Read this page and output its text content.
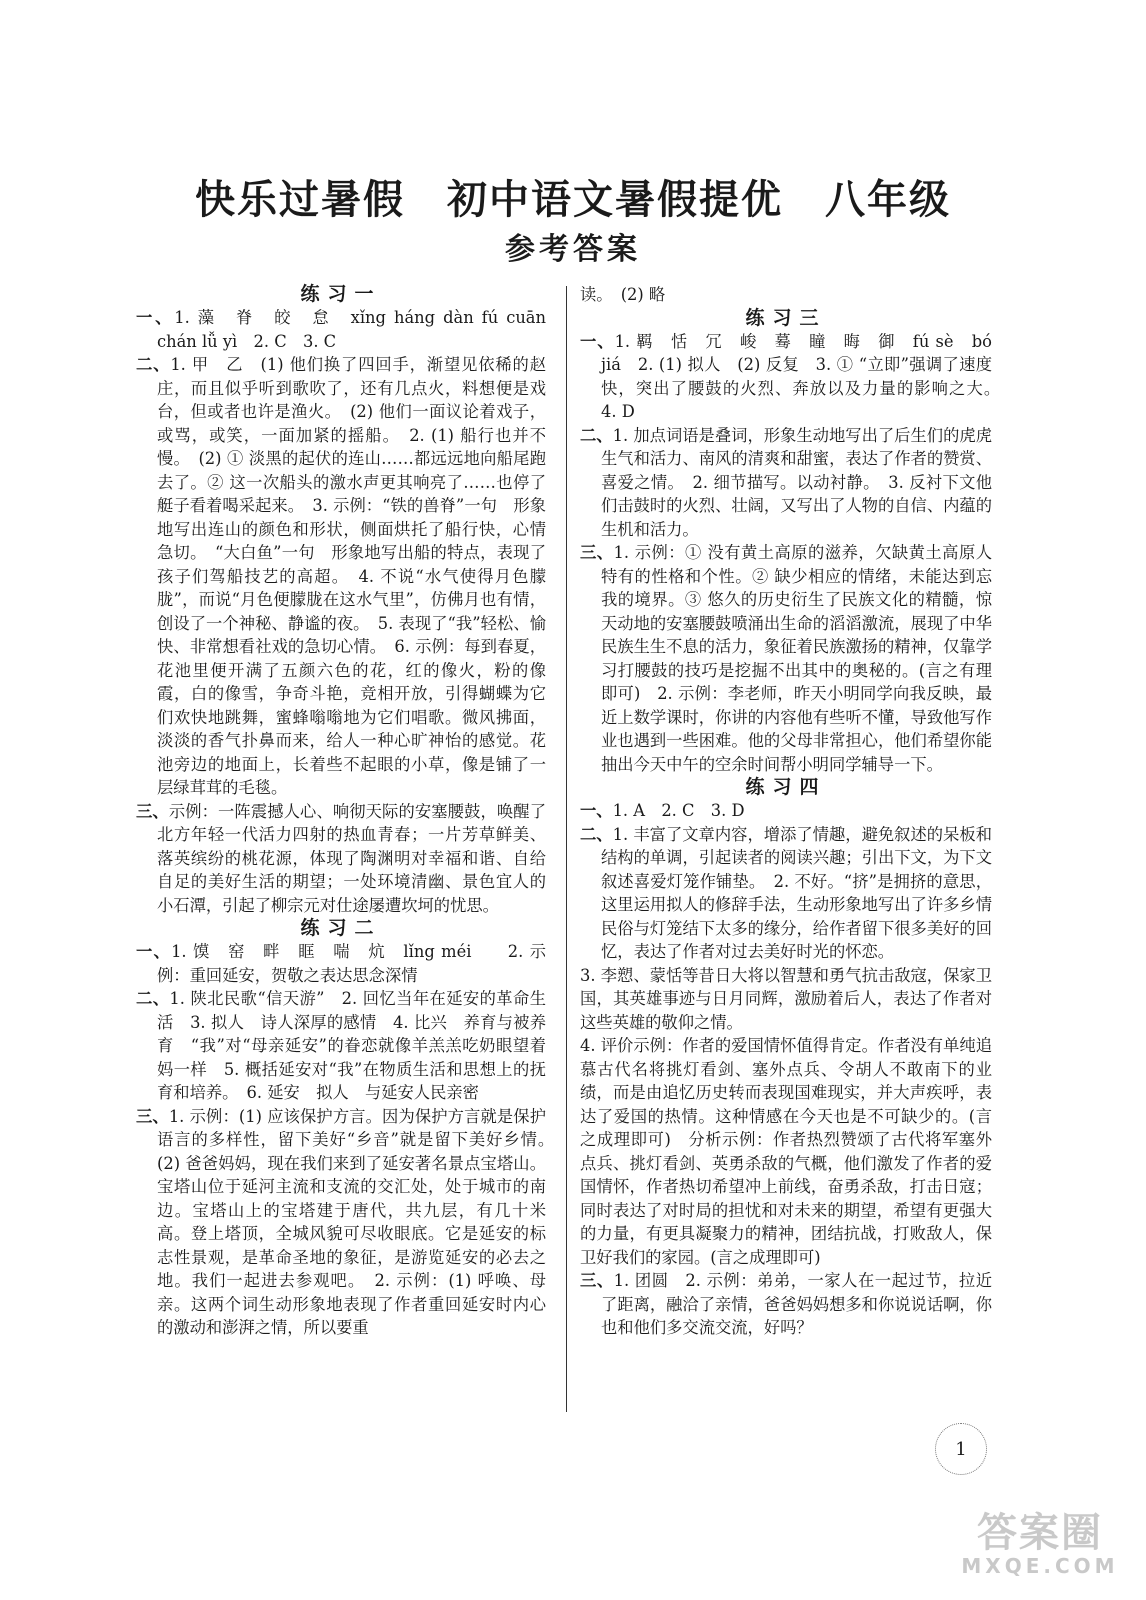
快乐过暑假　初中语文暑假提优　八年级
参考答案
练习一
一、1. 藻　脊　皎　怠　xǐng háng dàn fú cuān chán lǚ yì　2. C　3. C
二、1. 甲　乙　(1) 他们换了四回手，渐望见依稀的赵庄，而且似乎听到歌吹了，还有几点火，料想便是戏台，但或者也许是渔火。　(2) 他们一面议论着戏子，或骂，或笑，一面加紧的摇船。　2. (1) 船行也并不慢。　(2) ① 淡黑的起伏的连山……都远远地向船尾跑去了。② 这一次船头的激水声更其响亮了……也停了艇子看着喝采起来。　3. 示例：“铁的兽脊”一句　形象地写出连山的颜色和形状，侧面烘托了船行快，心情急切。　“大白鱼”一句　形象地写出船的特点，表现了孩子们驾船技艺的高超。　4. 不说“水气使得月色朦胧”，而说“月色便朦胧在这水气里”，仿佛月也有情，创设了一个神秘、静谧的夜。　5. 表现了“我”轻松、愉快、非常想看社戏的急切心情。　6. 示例：每到春夏，花池里便开满了五颜六色的花，红的像火，粉的像霞，白的像雪，争奇斗艳，竞相开放，引得蝴蝶为它们欢快地跳舞，蜜蜂嗡嗡地为它们唱歌。微风拂面，淡淡的香气扑鼻而来，给人一种心旷神怡的感觉。花池旁边的地面上，长着些不起眼的小草，像是铺了一层绿茸茸的毛毯。
三、示例：一阵震撼人心、响彻天际的安塞腰鼓，唤醒了北方年轻一代活力四射的热血青春；一片芳草鲜美、落英缤纷的桃花源，体现了陶渊明对幸福和谐、自给自足的美好生活的期望；一处环境清幽、景色宜人的小石潭，引起了柳宗元对仕途屡遭坎坷的忧思。
练习二
一、1. 馍　窑　畔　眶　喘　炕　lǐng méi　　2. 示例：重回延安，贺敬之表达思念深情
二、1. 陕北民歌“信天游”　2. 回忆当年在延安的革命生活　3. 拟人　诗人深厚的感情　4. 比兴　养育与被养育　“我”对“母亲延安”的眷恋就像羊羔羔吃奶眼望着妈一样　5. 概括延安对“我”在物质生活和思想上的抚育和培养。　6. 延安　拟人　与延安人民亲密
三、1. 示例：(1) 应该保护方言。因为保护方言就是保护语言的多样性，留下美好“乡音”就是留下美好乡情。　(2) 爸爸妈妈，现在我们来到了延安著名景点宝塔山。宝塔山位于延河主流和支流的交汇处，处于城市的南边。宝塔山上的宝塔建于唐代，共九层，有几十米高。登上塔顶，全城风貌可尽收眼底。它是延安的标志性景观，是革命圣地的象征，是游览延安的必去之地。我们一起进去参观吧。　2. 示例：(1) 呼唤、母亲。这两个词生动形象地表现了作者重回延安时内心的激动和澎湃之情，所以要重
读。　(2) 略
练习三
一、1. 羁　恬　冗　峻　蓦　瞳　晦　御　fú sè　bó jiá　2. (1) 拟人　(2) 反复　3. ① “立即”强调了速度快，突出了腰鼓的火烈、奔放以及力量的影响之大。　4. D
二、1. 加点词语是叠词，形象生动地写出了后生们的虎虎生气和活力、南风的清爽和甜蜜，表达了作者的赞赏、喜爱之情。　2. 细节描写。以动衬静。　3. 反衬下文他们击鼓时的火烈、壮阔，又写出了人物的自信、内蕴的生机和活力。
三、1. 示例：① 没有黄土高原的滋养，欠缺黄土高原人特有的性格和个性。② 缺少相应的情绪，未能达到忘我的境界。③ 悠久的历史衍生了民族文化的精髓，惊天动地的安塞腰鼓喷涌出生命的滔滔激流，展现了中华民族生生不息的活力，象征着民族激扬的精神，仅靠学习打腰鼓的技巧是挖掘不出其中的奥秘的。(言之有理即可)　2. 示例：李老师，昨天小明同学向我反映，最近上数学课时，你讲的内容他有些听不懂，导致他写作业也遇到一些困难。他的父母非常担心，他们希望你能抽出今天中午的空余时间帮小明同学辅导一下。
练习四
一、1. A　2. C　3. D
二、1. 丰富了文章内容，增添了情趣，避免叙述的呆板和结构的单调，引起读者的阅读兴趣；引出下文，为下文叙述喜爱灯笼作铺垫。　2. 不好。“挤”是拥挤的意思，这里运用拟人的修辞手法，生动形象地写出了许多乡情民俗与灯笼结下太多的缘分，给作者留下很多美好的回忆，表达了作者对过去美好时光的怀恋。
3. 李愬、蒙恬等昔日大将以智慧和勇气抗击敌寇，保家卫国，其英雄事迹与日月同辉，激励着后人，表达了作者对这些英雄的敬仰之情。
4. 评价示例：作者的爱国情怀值得肯定。作者没有单纯追慕古代名将挑灯看剑、塞外点兵、令胡人不敢南下的业绩，而是由追忆历史转而表现国难现实，并大声疾呼，表达了爱国的热情。这种情感在今天也是不可缺少的。(言之成理即可)　分析示例：作者热烈赞颂了古代将军塞外点兵、挑灯看剑、英勇杀敌的气概，他们激发了作者的爱国情怀，作者热切希望冲上前线，奋勇杀敌，打击日寇；同时表达了对时局的担忧和对未来的期望，希望有更强大的力量，有更具凝聚力的精神，团结抗战，打败敌人，保卫好我们的家园。(言之成理即可)
三、1. 团圆　2. 示例：弟弟，一家人在一起过节，拉近了距离，融洽了亲情，爸爸妈妈想多和你说说话啊，你也和他们多交流交流，好吗？
1
答案圈
MXQE.COM
